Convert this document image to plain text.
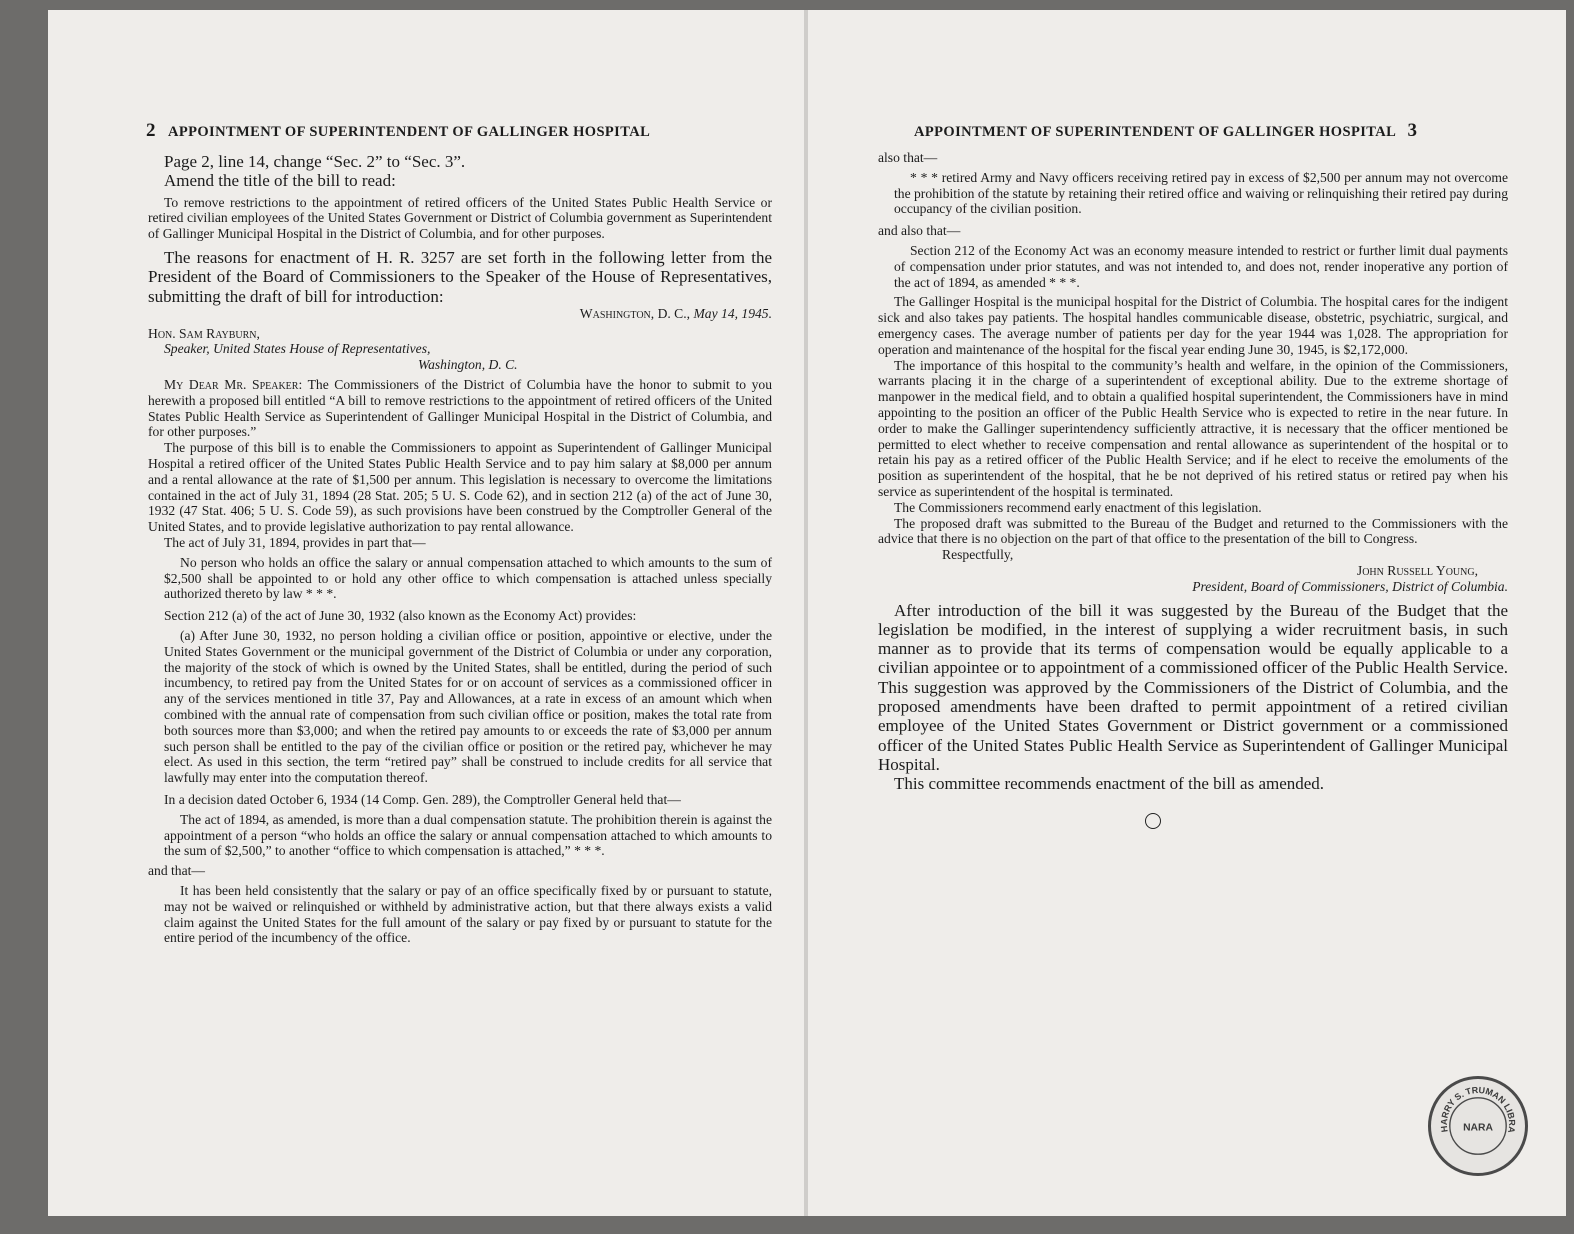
2 APPOINTMENT OF SUPERINTENDENT OF GALLINGER HOSPITAL

Page 2, line 14, change “Sec. 2” to “Sec. 3”.

Amend the title of the bill to read:

To remove restrictions to the appointment of retired officers of the United States Public Health Service or retired civilian employees of the United States Government or District of Columbia government as Superintendent of Gallinger Municipal Hospital in the District of Columbia, and for other purposes.

The reasons for enactment of H. R. 3257 are set forth in the following letter from the President of the Board of Commissioners to the Speaker of the House of Representatives, submitting the draft of bill for introduction:

Washington, D. C., May 14, 1945.

Hon. Sam Rayburn,

Speaker, United States House of Representatives,

Washington, D. C.

My Dear Mr. Speaker: The Commissioners of the District of Columbia have the honor to submit to you herewith a proposed bill entitled “A bill to remove restrictions to the appointment of retired officers of the United States Public Health Service as Superintendent of Gallinger Municipal Hospital in the District of Columbia, and for other purposes.”

The purpose of this bill is to enable the Commissioners to appoint as Superintendent of Gallinger Municipal Hospital a retired officer of the United States Public Health Service and to pay him salary at $8,000 per annum and a rental allowance at the rate of $1,500 per annum. This legislation is necessary to overcome the limitations contained in the act of July 31, 1894 (28 Stat. 205; 5 U. S. Code 62), and in section 212 (a) of the act of June 30, 1932 (47 Stat. 406; 5 U. S. Code 59), as such provisions have been construed by the Comptroller General of the United States, and to provide legislative authorization to pay rental allowance.

The act of July 31, 1894, provides in part that—

No person who holds an office the salary or annual compensation attached to which amounts to the sum of $2,500 shall be appointed to or hold any other office to which compensation is attached unless specially authorized thereto by law * * *.

Section 212 (a) of the act of June 30, 1932 (also known as the Economy Act) provides:

(a) After June 30, 1932, no person holding a civilian office or position, appointive or elective, under the United States Government or the municipal government of the District of Columbia or under any corporation, the majority of the stock of which is owned by the United States, shall be entitled, during the period of such incumbency, to retired pay from the United States for or on account of services as a commissioned officer in any of the services mentioned in title 37, Pay and Allowances, at a rate in excess of an amount which when combined with the annual rate of compensation from such civilian office or position, makes the total rate from both sources more than $3,000; and when the retired pay amounts to or exceeds the rate of $3,000 per annum such person shall be entitled to the pay of the civilian office or position or the retired pay, whichever he may elect. As used in this section, the term “retired pay” shall be construed to include credits for all service that lawfully may enter into the computation thereof.

In a decision dated October 6, 1934 (14 Comp. Gen. 289), the Comptroller General held that—

The act of 1894, as amended, is more than a dual compensation statute. The prohibition therein is against the appointment of a person “who holds an office the salary or annual compensation attached to which amounts to the sum of $2,500,” to another “office to which compensation is attached,” * * *.

and that—

It has been held consistently that the salary or pay of an office specifically fixed by or pursuant to statute, may not be waived or relinquished or withheld by administrative action, but that there always exists a valid claim against the United States for the full amount of the salary or pay fixed by or pursuant to statute for the entire period of the incumbency of the office.

APPOINTMENT OF SUPERINTENDENT OF GALLINGER HOSPITAL 3

also that—

* * * retired Army and Navy officers receiving retired pay in excess of $2,500 per annum may not overcome the prohibition of the statute by retaining their retired office and waiving or relinquishing their retired pay during occupancy of the civilian position.

and also that—

Section 212 of the Economy Act was an economy measure intended to restrict or further limit dual payments of compensation under prior statutes, and was not intended to, and does not, render inoperative any portion of the act of 1894, as amended * * *.

The Gallinger Hospital is the municipal hospital for the District of Columbia. The hospital cares for the indigent sick and also takes pay patients. The hospital handles communicable disease, obstetric, psychiatric, surgical, and emergency cases. The average number of patients per day for the year 1944 was 1,028. The appropriation for operation and maintenance of the hospital for the fiscal year ending June 30, 1945, is $2,172,000.

The importance of this hospital to the community’s health and welfare, in the opinion of the Commissioners, warrants placing it in the charge of a superintendent of exceptional ability. Due to the extreme shortage of manpower in the medical field, and to obtain a qualified hospital superintendent, the Commissioners have in mind appointing to the position an officer of the Public Health Service who is expected to retire in the near future. In order to make the Gallinger superintendency sufficiently attractive, it is necessary that the officer mentioned be permitted to elect whether to receive compensation and rental allowance as superintendent of the hospital or to retain his pay as a retired officer of the Public Health Service; and if he elect to receive the emoluments of the position as superintendent of the hospital, that he be not deprived of his retired status or retired pay when his service as superintendent of the hospital is terminated.

The Commissioners recommend early enactment of this legislation.

The proposed draft was submitted to the Bureau of the Budget and returned to the Commissioners with the advice that there is no objection on the part of that office to the presentation of the bill to Congress.

Respectfully,

John Russell Young,

President, Board of Commissioners, District of Columbia.

After introduction of the bill it was suggested by the Bureau of the Budget that the legislation be modified, in the interest of supplying a wider recruitment basis, in such manner as to provide that its terms of compensation would be equally applicable to a civilian appointee or to appointment of a commissioned officer of the Public Health Service. This suggestion was approved by the Commissioners of the District of Columbia, and the proposed amendments have been drafted to permit appointment of a retired civilian employee of the United States Government or District government or a commissioned officer of the United States Public Health Service as Superintendent of Gallinger Municipal Hospital.

This committee recommends enactment of the bill as amended.

HARRY S. TRUMAN LIBRA
NARA
